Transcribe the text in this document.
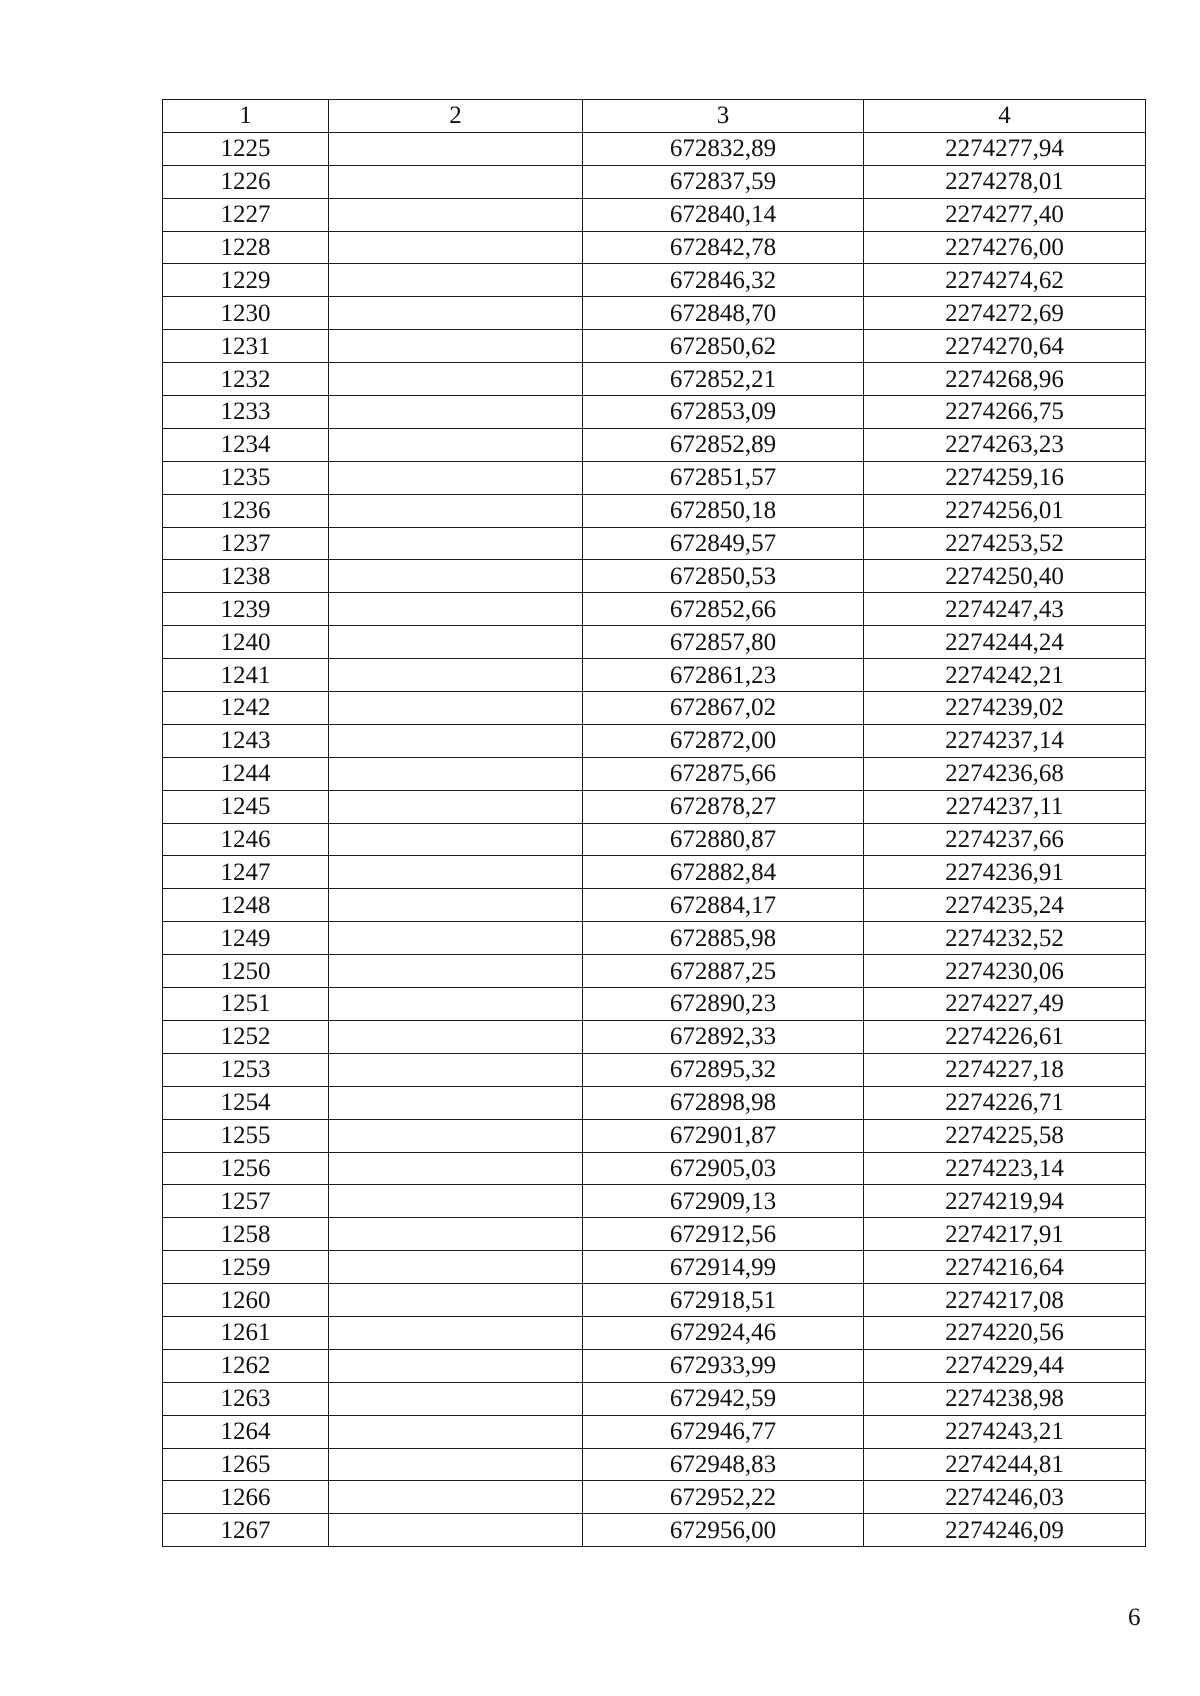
1	2	3	4
1225		672832,89	2274277,94
1226		672837,59	2274278,01
1227		672840,14	2274277,40
1228		672842,78	2274276,00
1229		672846,32	2274274,62
1230		672848,70	2274272,69
1231		672850,62	2274270,64
1232		672852,21	2274268,96
1233		672853,09	2274266,75
1234		672852,89	2274263,23
1235		672851,57	2274259,16
1236		672850,18	2274256,01
1237		672849,57	2274253,52
1238		672850,53	2274250,40
1239		672852,66	2274247,43
1240		672857,80	2274244,24
1241		672861,23	2274242,21
1242		672867,02	2274239,02
1243		672872,00	2274237,14
1244		672875,66	2274236,68
1245		672878,27	2274237,11
1246		672880,87	2274237,66
1247		672882,84	2274236,91
1248		672884,17	2274235,24
1249		672885,98	2274232,52
1250		672887,25	2274230,06
1251		672890,23	2274227,49
1252		672892,33	2274226,61
1253		672895,32	2274227,18
1254		672898,98	2274226,71
1255		672901,87	2274225,58
1256		672905,03	2274223,14
1257		672909,13	2274219,94
1258		672912,56	2274217,91
1259		672914,99	2274216,64
1260		672918,51	2274217,08
1261		672924,46	2274220,56
1262		672933,99	2274229,44
1263		672942,59	2274238,98
1264		672946,77	2274243,21
1265		672948,83	2274244,81
1266		672952,22	2274246,03
1267		672956,00	2274246,09
6
